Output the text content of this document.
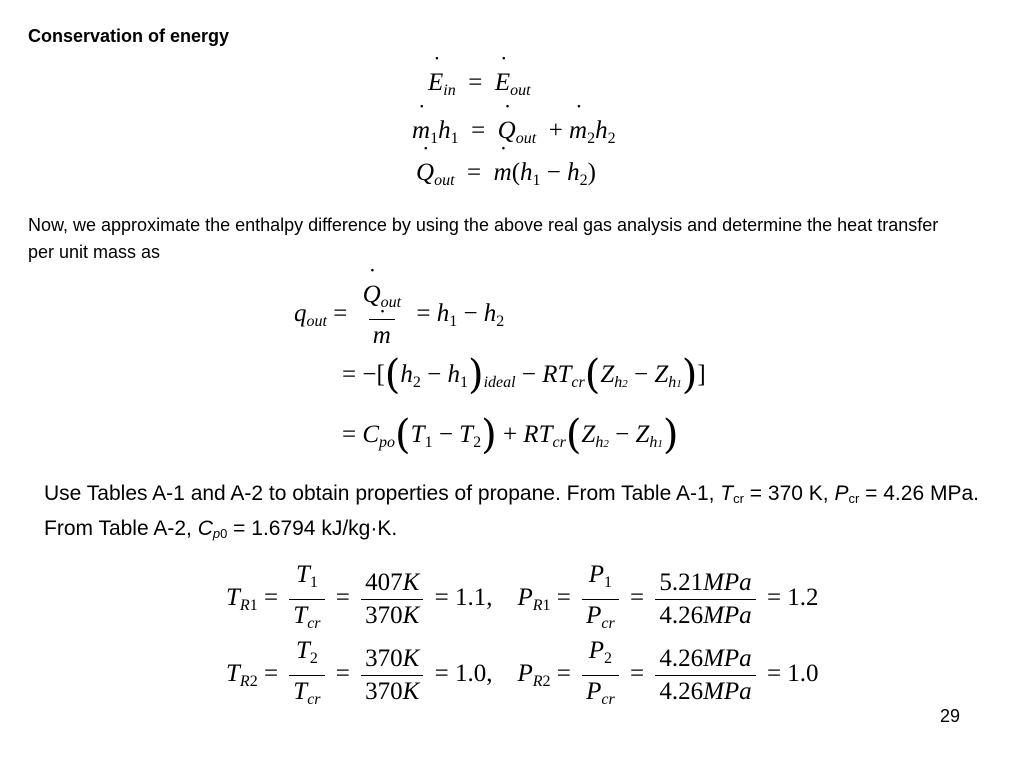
Conservation of energy
˙ $E_{in}$  =  ˙ $E_{out}$
˙ $m_1h_1$  =  ˙ $Q_{out}$  + ˙ $m_2h_2$
˙ $Q_{out}$  =  ˙ $m(h_1 - h_2)$
Now, we approximate the enthalpy difference by using the above real gas analysis and determine the heat transfer per unit mass as
$q_{out}$ =
˙ $Q_{out}$
˙ $m = h_1 - h_2$
= $-[(h_2 - h_1)_{ideal} - RT_{cr}(Z_{h2} - Z_{h1})]$
= $C_{po}(T_1 - T_2) + RT_{cr}(Z_{h2} - Z_{h1})$
Use Tables A-1 and A-2 to obtain properties of propane. From Table A-1, $T_{cr} = 370$ K, $P_{cr} = 4.26$ MPa. From Table A-2, $C_{p0} = 1.6794$ kJ/kg·K.
$T_{R1} = \frac{T_1}{T_{cr}} = \frac{407K}{370K} = 1.1$,    $P_{R1} = \frac{P_1}{P_{cr}} = \frac{\text{5.21MPa}}{\text{4.26MPa}} = 1.2$
$T_{R2} = \frac{T_2}{T_{cr}} = \frac{370K}{370K} = 1.0$,    $P_{R2} = \frac{P_2}{P_{cr}} = \frac{\text{4.26MPa}}{\text{4.26MPa}} = 1.0$
29
